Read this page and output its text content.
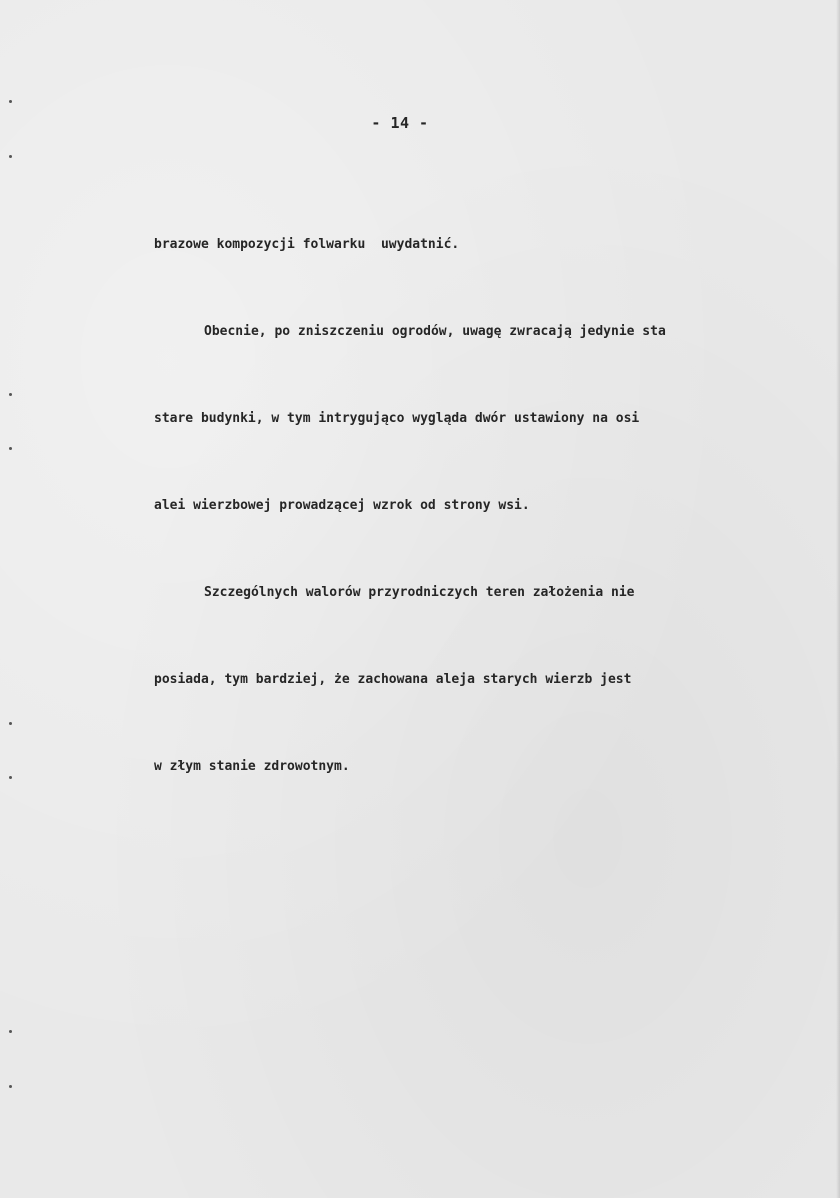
- 14 -

brazowe kompozycji folwarku  uwydatnić.

Obecnie, po zniszczeniu ogrodów, uwagę zwracają jedynie sta

stare budynki, w tym intrygująco wygląda dwór ustawiony na osi

alei wierzbowej prowadzącej wzrok od strony wsi.

Szczególnych walorów przyrodniczych teren założenia nie

posiada, tym bardziej, że zachowana aleja starych wierzb jest

w złym stanie zdrowotnym.
